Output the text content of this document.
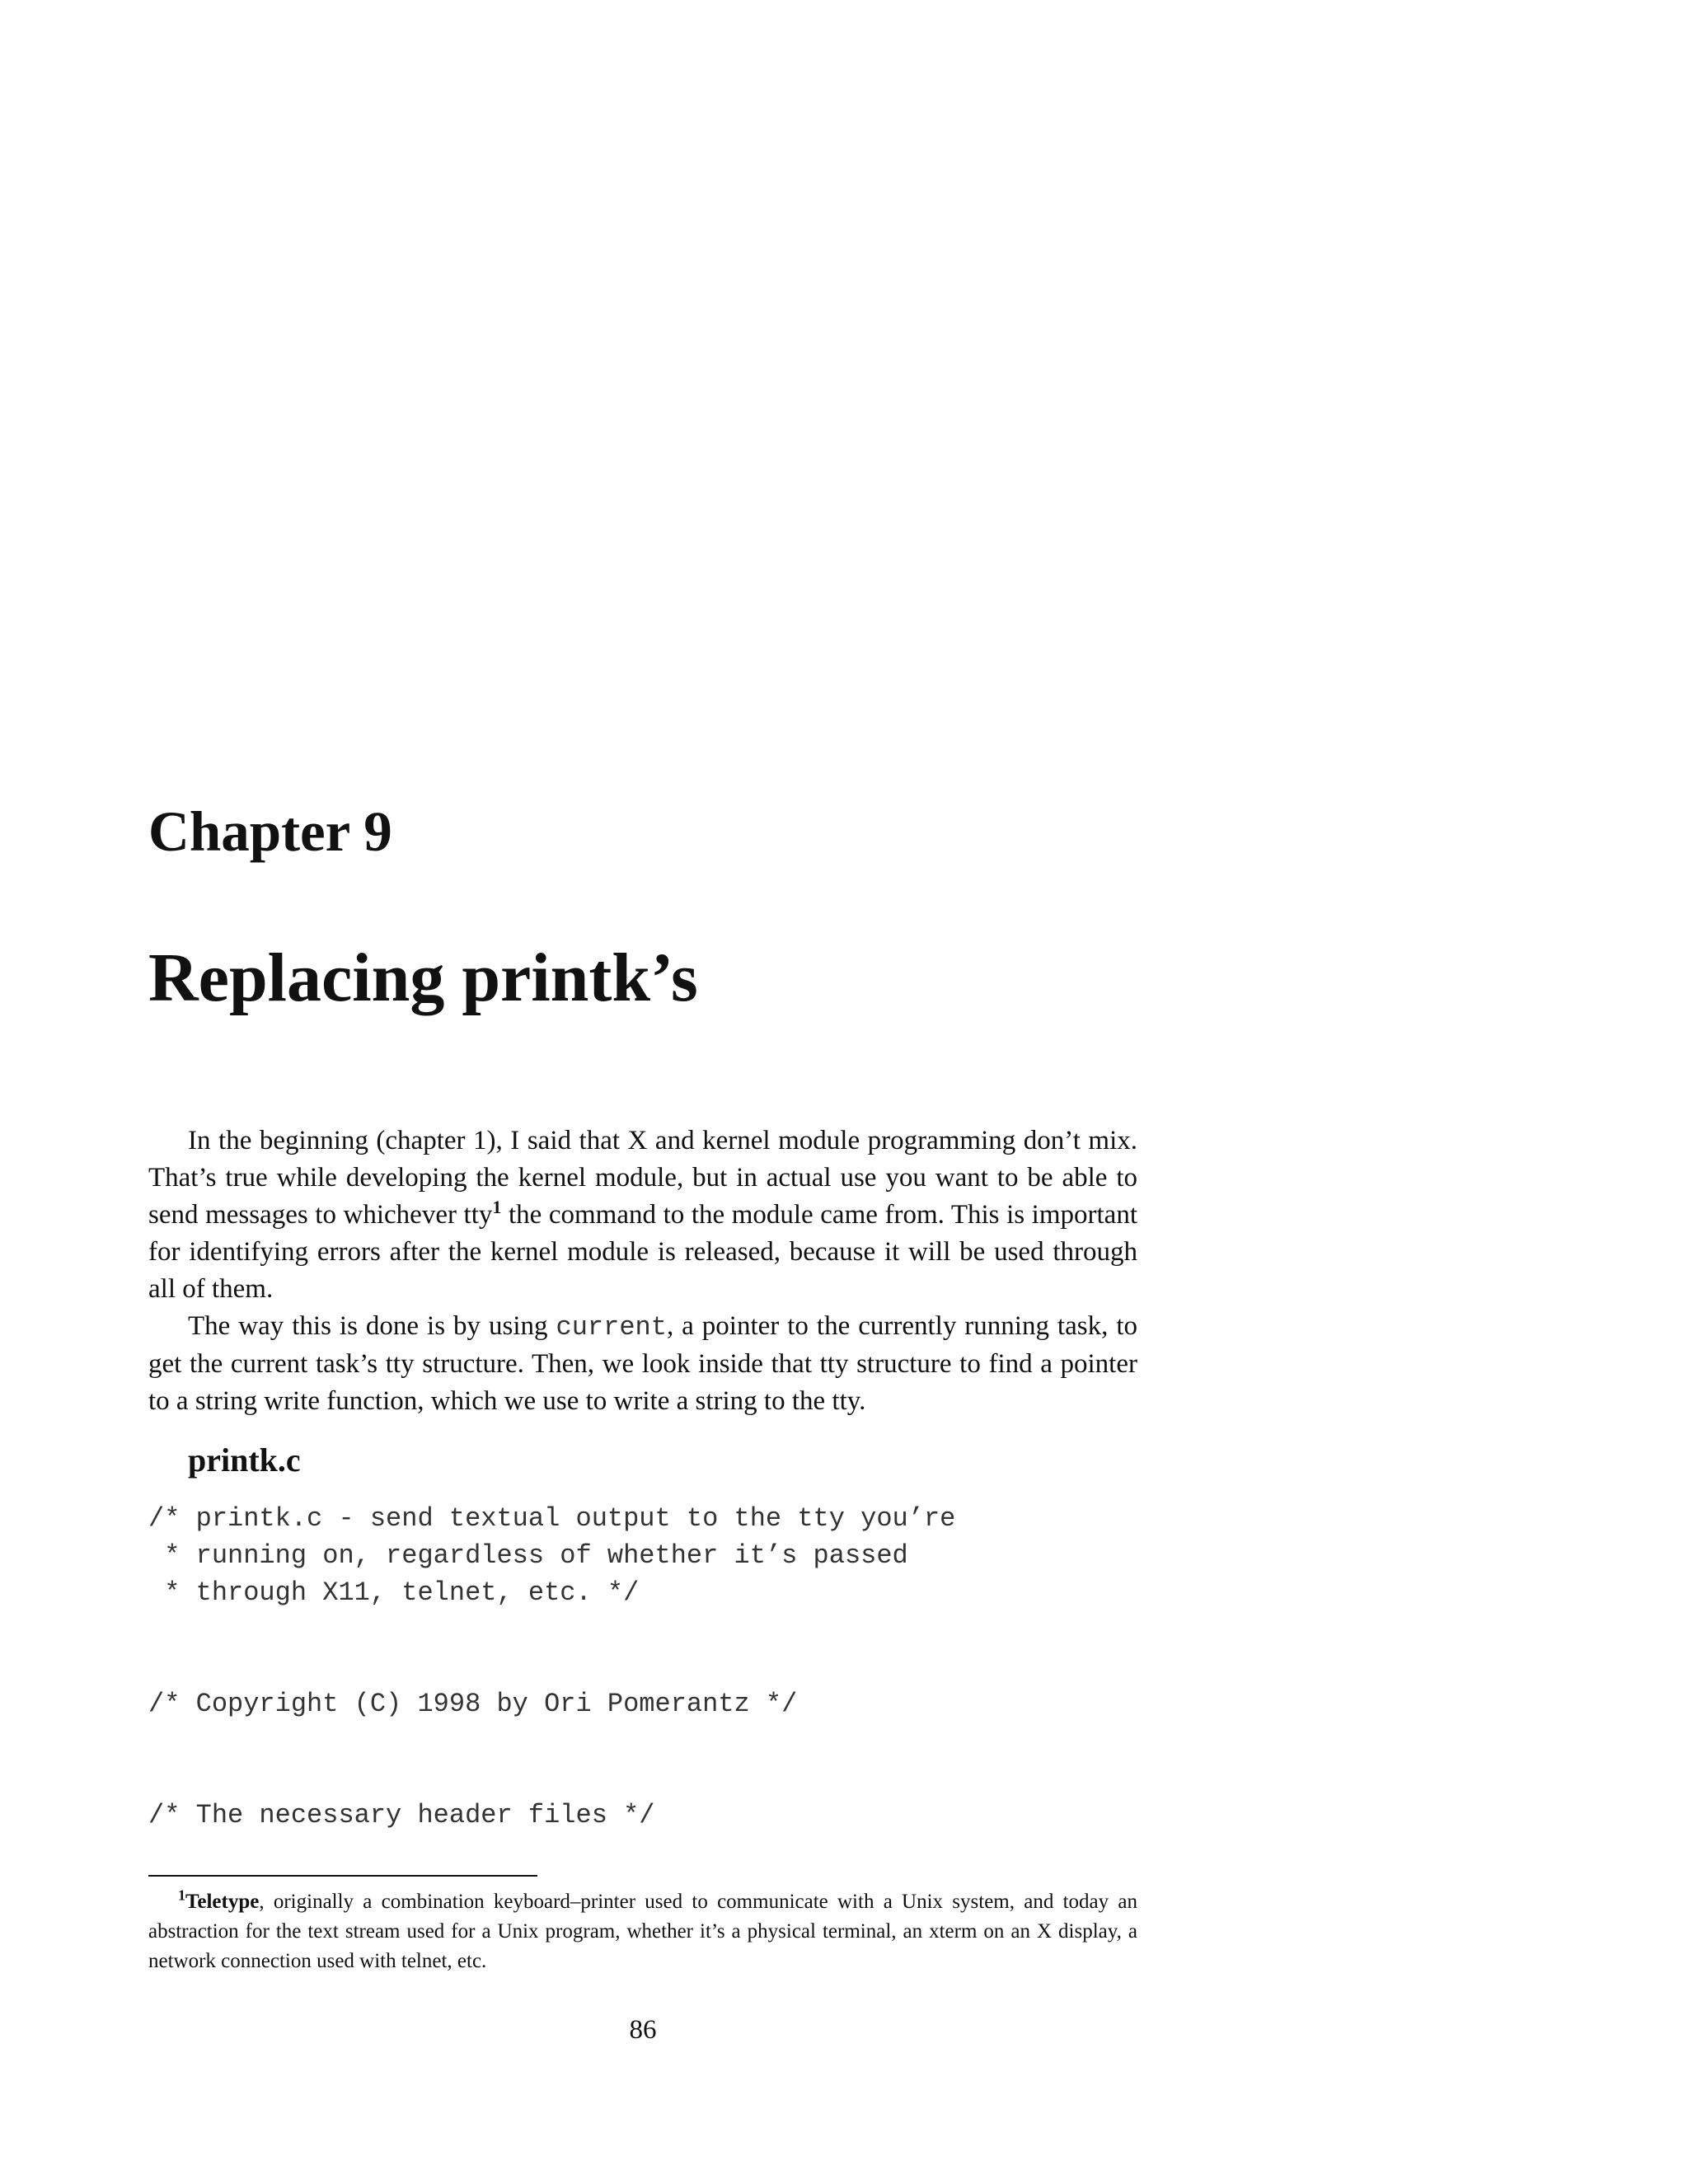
Chapter 9
Replacing printk’s

In the beginning (chapter 1), I said that X and kernel module programming don’t mix. That’s true while developing the kernel module, but in actual use you want to be able to send messages to whichever tty$^1$ the command to the module came from. This is important for identifying errors after the kernel module is released, because it will be used through all of them.

The way this is done is by using current, a pointer to the currently running task, to get the current task’s tty structure. Then, we look inside that tty structure to find a pointer to a string write function, which we use to write a string to the tty.

printk.c
/* printk.c - send textual output to the tty you’re
* running on, regardless of whether it’s passed
* through X11, telnet, etc. */

/* Copyright (C) 1998 by Ori Pomerantz */

/* The necessary header files */

$^1$Teletype, originally a combination keyboard–printer used to communicate with a Unix system, and today an abstraction for the text stream used for a Unix program, whether it’s a physical terminal, an xterm on an X display, a network connection used with telnet, etc.

86
